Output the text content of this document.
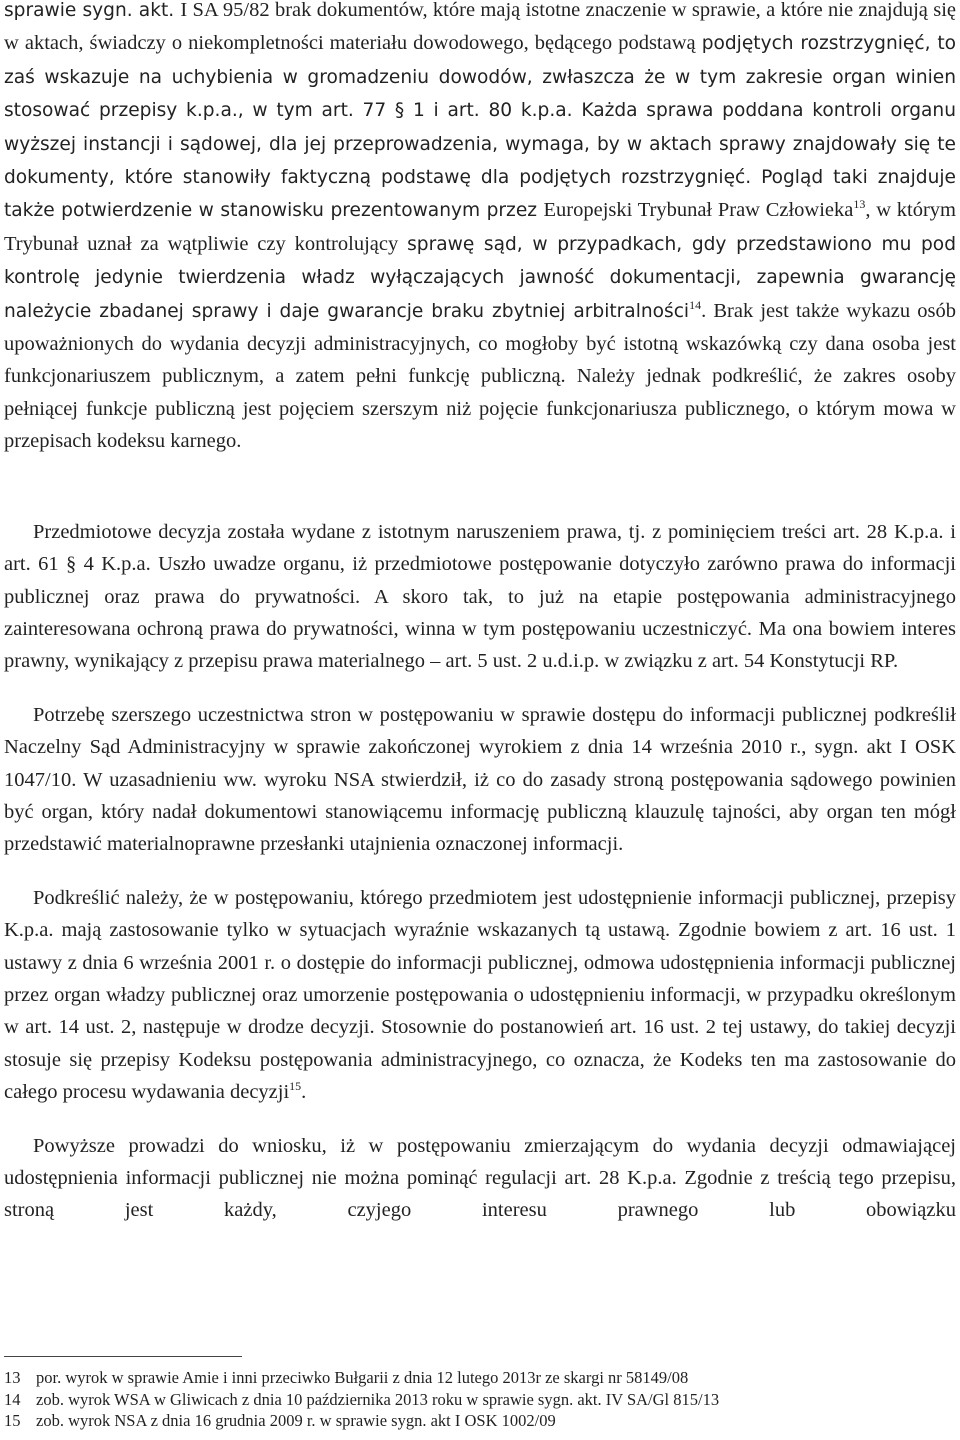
sprawie sygn. akt. I SA 95/82 brak dokumentów, które mają istotne znaczenie w sprawie, a które nie znajdują się w aktach, świadczy o niekompletności materiału dowodowego, będącego podstawą podjętych rozstrzygnięć, to zaś wskazuje na uchybienia w gromadzeniu dowodów, zwłaszcza że w tym zakresie organ winien stosować przepisy k.p.a., w tym art. 77 § 1 i art. 80 k.p.a. Każda sprawa poddana kontroli organu wyższej instancji i sądowej, dla jej przeprowadzenia, wymaga, by w aktach sprawy znajdowały się te dokumenty, które stanowiły faktyczną podstawę dla podjętych rozstrzygnięć. Pogląd taki znajduje także potwierdzenie w stanowisku prezentowanym przez Europejski Trybunał Praw Człowieka$^{13}$, w którym Trybunał uznał za wątpliwie czy kontrolujący sprawę sąd, w przypadkach, gdy przedstawiono mu pod kontrolę jedynie twierdzenia władz wyłączających jawność dokumentacji, zapewnia gwarancję należycie zbadanej sprawy i daje gwarancje braku zbytniej arbitralności$^{14}$. Brak jest także wykazu osób upoważnionych do wydania decyzji administracyjnych, co mogłoby być istotną wskazówką czy dana osoba jest funkcjonariuszem publicznym, a zatem pełni funkcję publiczną. Należy jednak podkreślić, że zakres osoby pełniącej funkcje publiczną jest pojęciem szerszym niż pojęcie funkcjonariusza publicznego, o którym mowa w przepisach kodeksu karnego.

Przedmiotowe decyzja została wydane z istotnym naruszeniem prawa, tj. z pominięciem treści art. 28 K.p.a. i art. 61 § 4 K.p.a. Uszło uwadze organu, iż przedmiotowe postępowanie dotyczyło zarówno prawa do informacji publicznej oraz prawa do prywatności. A skoro tak, to już na etapie postępowania administracyjnego zainteresowana ochroną prawa do prywatności, winna w tym postępowaniu uczestniczyć. Ma ona bowiem interes prawny, wynikający z przepisu prawa materialnego – art. 5 ust. 2 u.d.i.p. w związku z art. 54 Konstytucji RP.

Potrzebę szerszego uczestnictwa stron w postępowaniu w sprawie dostępu do informacji publicznej podkreślił Naczelny Sąd Administracyjny w sprawie zakończonej wyrokiem z dnia 14 września 2010 r., sygn. akt I OSK 1047/10. W uzasadnieniu ww. wyroku NSA stwierdził, iż co do zasady stroną postępowania sądowego powinien być organ, który nadał dokumentowi stanowiącemu informację publiczną klauzulę tajności, aby organ ten mógł przedstawić materialnoprawne przesłanki utajnienia oznaczonej informacji.

Podkreślić należy, że w postępowaniu, którego przedmiotem jest udostępnienie informacji publicznej, przepisy K.p.a. mają zastosowanie tylko w sytuacjach wyraźnie wskazanych tą ustawą. Zgodnie bowiem z art. 16 ust. 1 ustawy z dnia 6 września 2001 r. o dostępie do informacji publicznej, odmowa udostępnienia informacji publicznej przez organ władzy publicznej oraz umorzenie postępowania o udostępnieniu informacji, w przypadku określonym w art. 14 ust. 2, następuje w drodze decyzji. Stosownie do postanowień art. 16 ust. 2 tej ustawy, do takiej decyzji stosuje się przepisy Kodeksu postępowania administracyjnego, co oznacza, że Kodeks ten ma zastosowanie do całego procesu wydawania decyzji$^{15}$.

Powyższe prowadzi do wniosku, iż w postępowaniu zmierzającym do wydania decyzji odmawiającej udostępnienia informacji publicznej nie można pominąć regulacji art. 28 K.p.a. Zgodnie z treścią tego przepisu, stroną jest każdy, czyjego interesu prawnego lub obowiązku

13 por. wyrok w sprawie Amie i inni przeciwko Bułgarii z dnia 12 lutego 2013r ze skargi nr 58149/08
14 zob. wyrok WSA w Gliwicach z dnia 10 października 2013 roku w sprawie sygn. akt. IV SA/Gl 815/13
15 zob. wyrok NSA z dnia 16 grudnia 2009 r. w sprawie sygn. akt I OSK 1002/09
